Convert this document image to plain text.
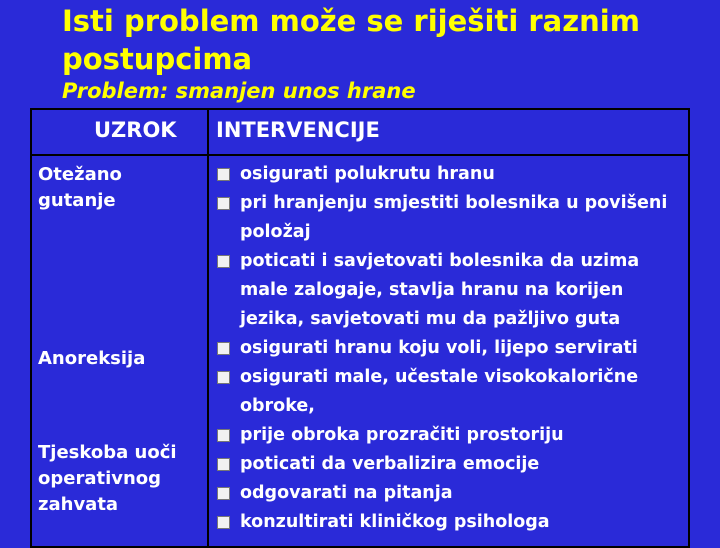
Isti problem može se riješiti raznim postupcima
Problem: smanjen unos hrane
UZROK INTERVENCIJE
Otežano gutanje
Anoreksija
Tjeskoba uoči operativnog zahvata
osigurati polukrutu hranu
pri hranjenju smjestiti bolesnika u povišeni položaj
poticati i savjetovati bolesnika da uzima male zalogaje, stavlja hranu na korijen jezika, savjetovati mu da pažljivo guta
osigurati hranu koju voli, lijepo servirati
osigurati male, učestale visokokalorične obroke,
prije obroka prozračiti prostoriju
poticati da verbalizira emocije
odgovarati na pitanja
konzultirati kliničkog psihologa
